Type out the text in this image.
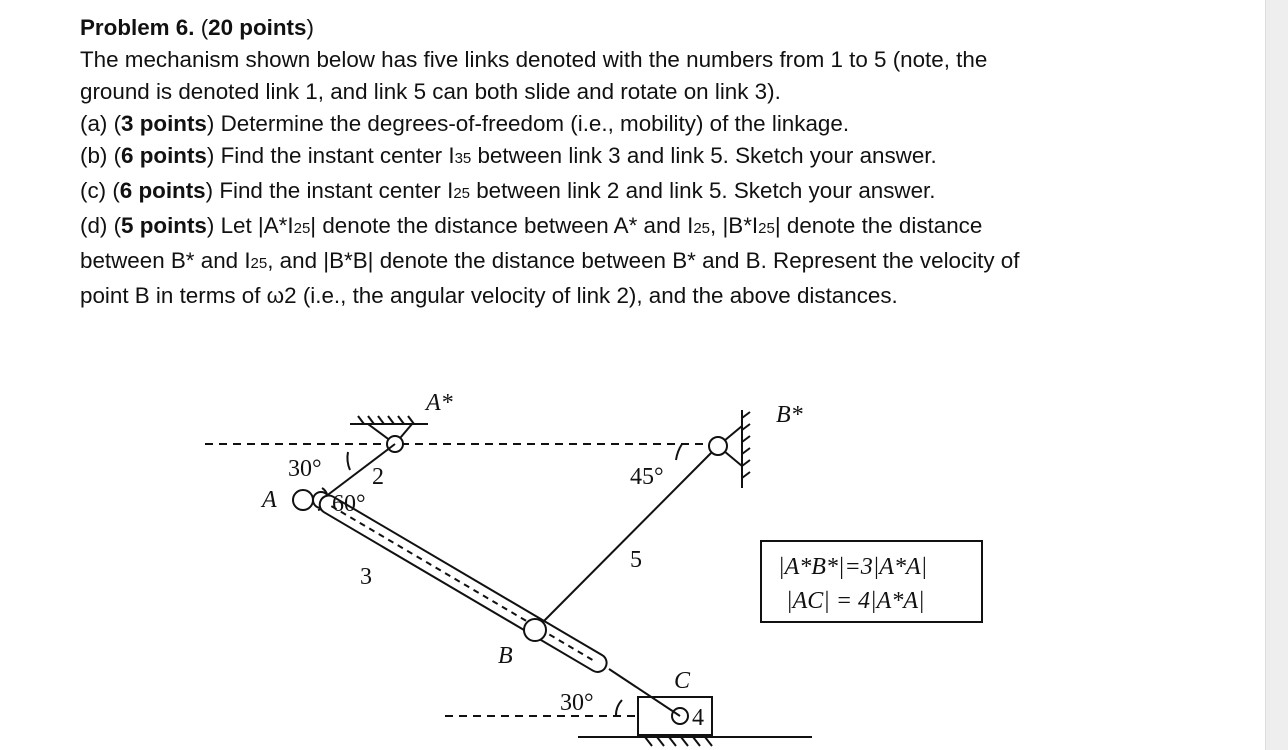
Problem 6. (20 points)
The mechanism shown below has five links denoted with the numbers from 1 to 5 (note, the
ground is denoted link 1, and link 5 can both slide and rotate on link 3).
(a) (3 points) Determine the degrees-of-freedom (i.e., mobility) of the linkage.
(b) (6 points) Find the instant center I35 between link 3 and link 5. Sketch your answer.
(c) (6 points) Find the instant center I25 between link 2 and link 5. Sketch your answer.
(d) (5 points) Let |A*I25| denote the distance between A* and I25, |B*I25| denote the distance
between B* and I25, and |B*B| denote the distance between B* and B. Represent the velocity of
point B in terms of ω2 (i.e., the angular velocity of link 2), and the above distances.
A*	B*
A
B
C
30°
60°
45°
30°
2
3
4
5	|A*B*|=3|A*A|
|AC| = 4|A*A|
